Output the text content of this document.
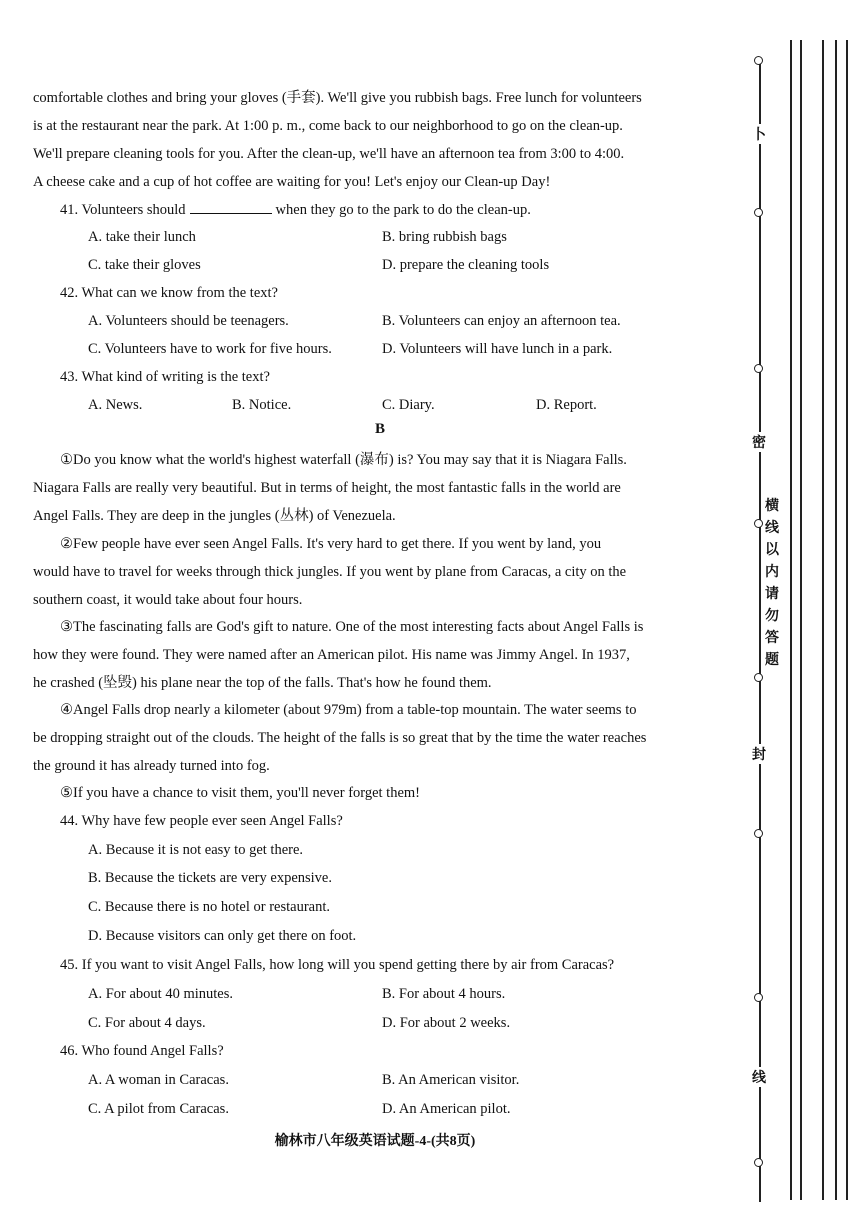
comfortable clothes and bring your gloves (手套). We'll give you rubbish bags. Free lunch for volunteers
is at the restaurant near the park. At 1:00 p. m., come back to our neighborhood to go on the clean-up.
We'll prepare cleaning tools for you. After the clean-up, we'll have an afternoon tea from 3:00 to 4:00.
A cheese cake and a cup of hot coffee are waiting for you! Let's enjoy our Clean-up Day!
41. Volunteers should	when they go to the park to do the clean-up.
A. take their lunch	B. bring rubbish bags
C. take their gloves	D. prepare the cleaning tools
42. What can we know from the text?
A. Volunteers should be teenagers.	B. Volunteers can enjoy an afternoon tea.
C. Volunteers have to work for five hours.	D. Volunteers will have lunch in a park.
43. What kind of writing is the text?
A. News.	B. Notice.	C. Diary.	D. Report.
B
①Do you know what the world's highest waterfall (瀑布) is? You may say that it is Niagara Falls.
Niagara Falls are really very beautiful. But in terms of height, the most fantastic falls in the world are
Angel Falls. They are deep in the jungles (丛林) of Venezuela.
②Few people have ever seen Angel Falls. It's very hard to get there. If you went by land, you
would have to travel for weeks through thick jungles. If you went by plane from Caracas, a city on the
southern coast, it would take about four hours.
③The fascinating falls are God's gift to nature. One of the most interesting facts about Angel Falls is
how they were found. They were named after an American pilot. His name was Jimmy Angel. In 1937,
he crashed (坠毁) his plane near the top of the falls. That's how he found them.
④Angel Falls drop nearly a kilometer (about 979m) from a table-top mountain. The water seems to
be dropping straight out of the clouds. The height of the falls is so great that by the time the water reaches
the ground it has already turned into fog.
⑤If you have a chance to visit them, you'll never forget them!
44. Why have few people ever seen Angel Falls?
A. Because it is not easy to get there.
B. Because the tickets are very expensive.
C. Because there is no hotel or restaurant.
D. Because visitors can only get there on foot.
45. If you want to visit Angel Falls, how long will you spend getting there by air from Caracas?
A. For about 40 minutes.	B. For about 4 hours.
C. For about 4 days.	D. For about 2 weeks.
46. Who found Angel Falls?
A. A woman in Caracas.	B. An American visitor.
C. A pilot from Caracas.	D. An American pilot.
榆林市八年级英语试题-4-(共8页)
卜
密
封
线
横
线
以
内
请
勿
答
题
